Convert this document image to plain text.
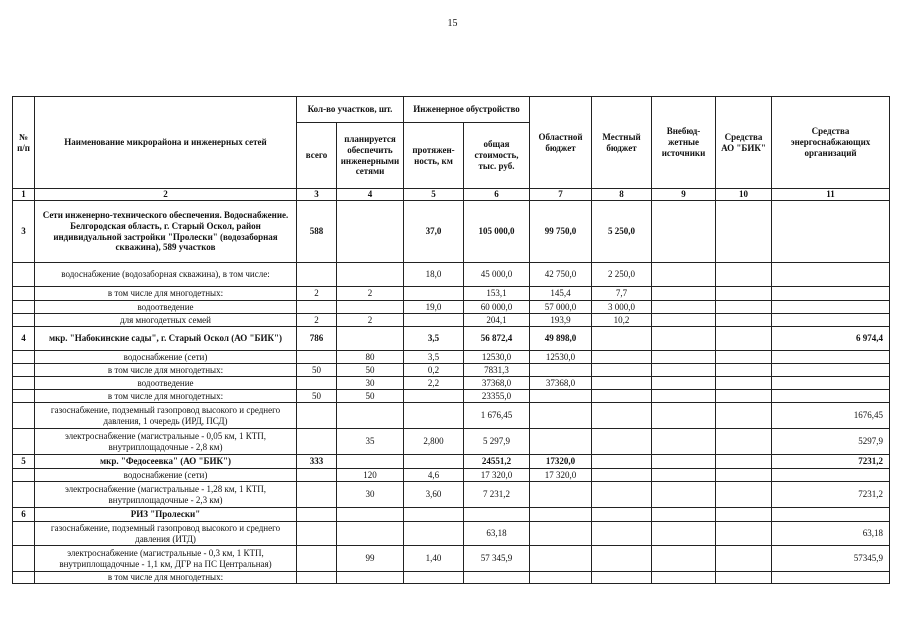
15
№ п/п	Наименование микрорайона и инженерных сетей	Кол-во участков, шт.		Инженерное обустройство		Областной бюджет	Местный бюджет	Внебюд-жетные источники	Средства АО "БИК"	Средства энергоснабжающих организаций
		всего	планируется обеспечить инженерными сетями	протяжен-ность, км	общая стоимость, тыс. руб.					
1	2	3	4	5	6	7	8	9	10	11
3	Сети инженерно-технического обеспечения. Водоснабжение. Белгородская область, г. Старый Оскол, район индивидуальной застройки "Пролески" (водозаборная скважина), 589 участков	588		37,0	105 000,0	99 750,0	5 250,0			
	водоснабжение (водозаборная скважина), в том числе:			18,0	45 000,0	42 750,0	2 250,0			
	в том числе для многодетных:	2	2		153,1	145,4	7,7			
	водоотведение			19,0	60 000,0	57 000,0	3 000,0			
	для многодетных семей	2	2		204,1	193,9	10,2			
4	мкр. "Набокинские сады", г. Старый Оскол (АО "БИК")	786		3,5	56 872,4	49 898,0				6 974,4
	водоснабжение (сети)		80	3,5	12530,0	12530,0				
	в том числе для многодетных:	50	50	0,2	7831,3					
	водоотведение		30	2,2	37368,0	37368,0				
	в том числе для многодетных:	50	50		23355,0					
	газоснабжение, подземный газопровод высокого и среднего давления, 1 очередь (ИРД, ПСД)				1 676,45					1676,45
	электроснабжение (магистральные - 0,05 км, 1 КТП, внутриплощадочные - 2,8 км)		35	2,800	5 297,9					5297,9
5	мкр. "Федосеевка" (АО "БИК")	333			24551,2	17320,0				7231,2
	водоснабжение (сети)		120	4,6	17 320,0	17 320,0				
	электроснабжение (магистральные - 1,28 км, 1 КТП, внутриплощадочные - 2,3 км)		30	3,60	7 231,2					7231,2
6	РИЗ "Пролески"									
	газоснабжение, подземный газопровод высокого и среднего давления (ИТД)				63,18					63,18
	электроснабжение (магистральные - 0,3 км, 1 КТП, внутриплощадочные - 1,1 км, ДГР на ПС Центральная)		99	1,40	57 345,9					57345,9
	в том числе для многодетных:									
